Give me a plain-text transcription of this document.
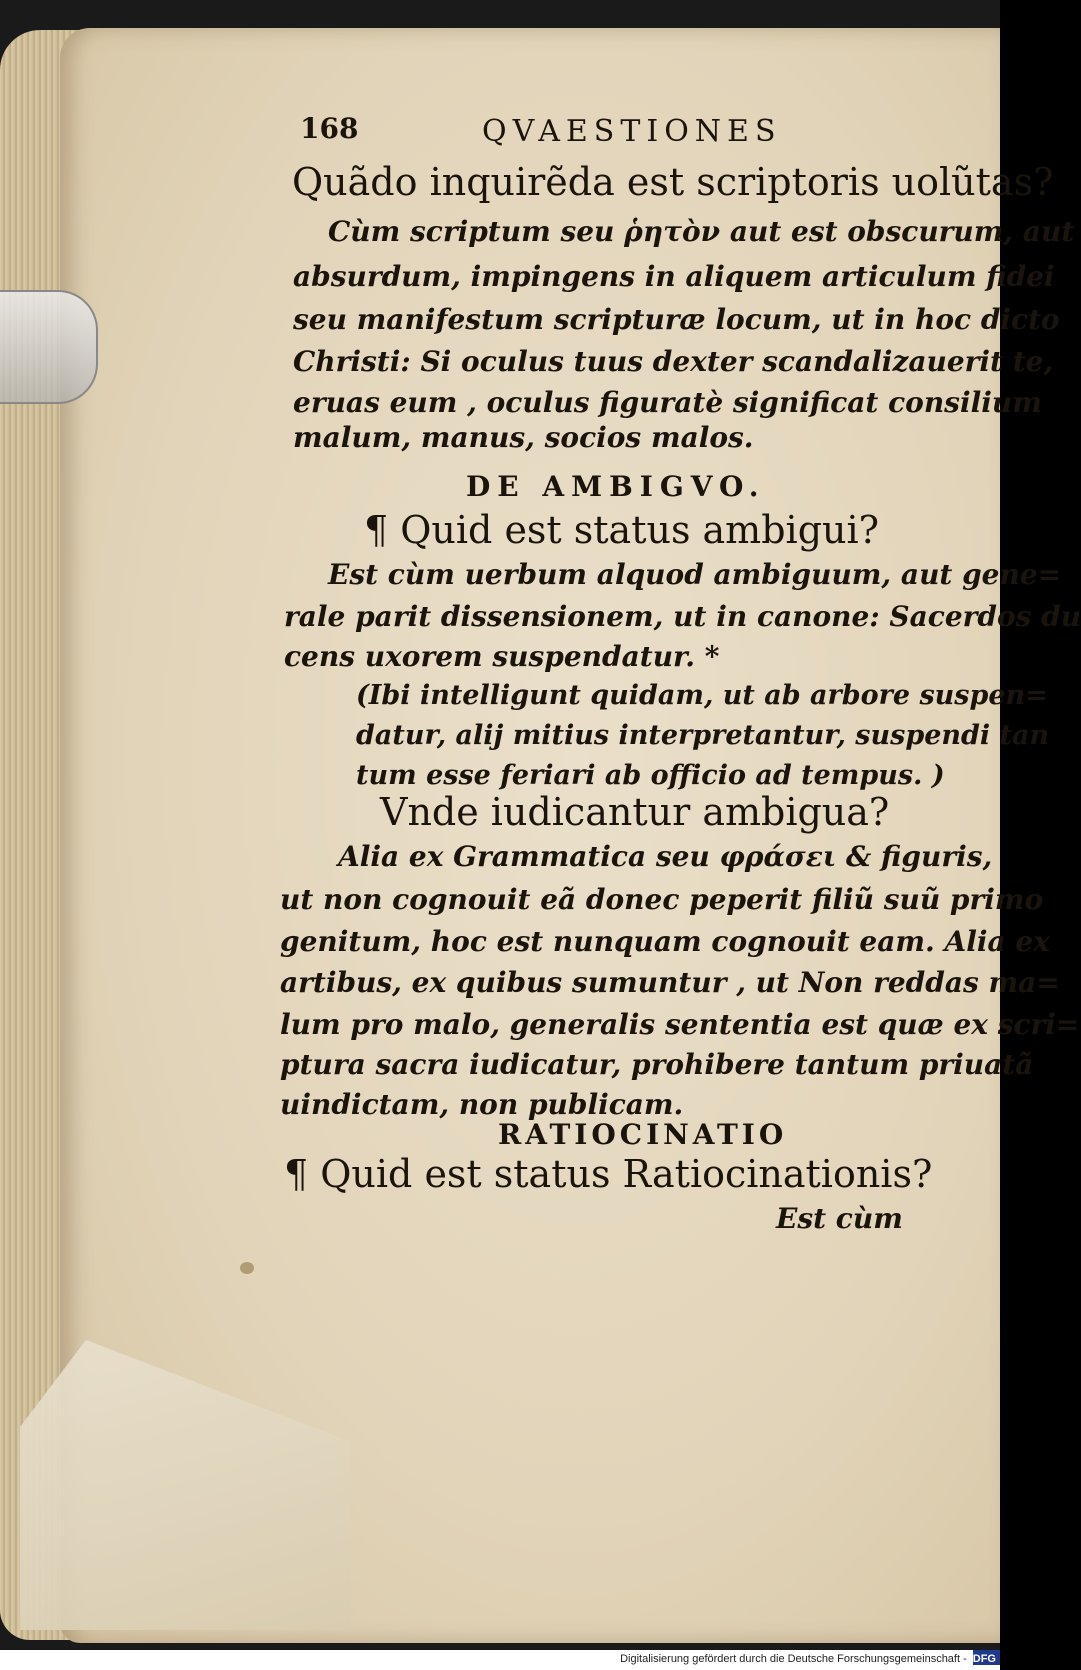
168	QVAESTIONES
Quãdo inquirẽda est scriptoris uolũtas?
Cùm scriptum seu ῥητὸν aut est obscurum, aut
absurdum, impingens in aliquem articulum fidei
seu manifestum scripturæ locum, ut in hoc dicto
Christi: Si oculus tuus dexter scandalizauerit te,
eruas eum , oculus figuratè significat consilium
malum, manus, socios malos.
DE AMBIGVO.
¶ Quid est status ambigui?
Est cùm uerbum alquod ambiguum, aut gene=
rale parit dissensionem, ut in canone: Sacerdos du
cens uxorem suspendatur. *
(Ibi intelligunt quidam, ut ab arbore suspen=
datur, alij mitius interpretantur, suspendi tan
tum esse feriari ab officio ad tempus. )
Vnde iudicantur ambigua?
Alia ex Grammatica seu φράσει & figuris,
ut non cognouit eã donec peperit filiũ suũ primo
genitum, hoc est nunquam cognouit eam. Alia ex
artibus, ex quibus sumuntur , ut Non reddas ma=
lum pro malo, generalis sententia est quæ ex scri=
ptura sacra iudicatur, prohibere tantum priuatã
uindictam, non publicam.
RATIOCINATIO
¶ Quid est status Ratiocinationis?
Est cùm
Digitalisierung gefördert durch die Deutsche Forschungsgemeinschaft - DFG
